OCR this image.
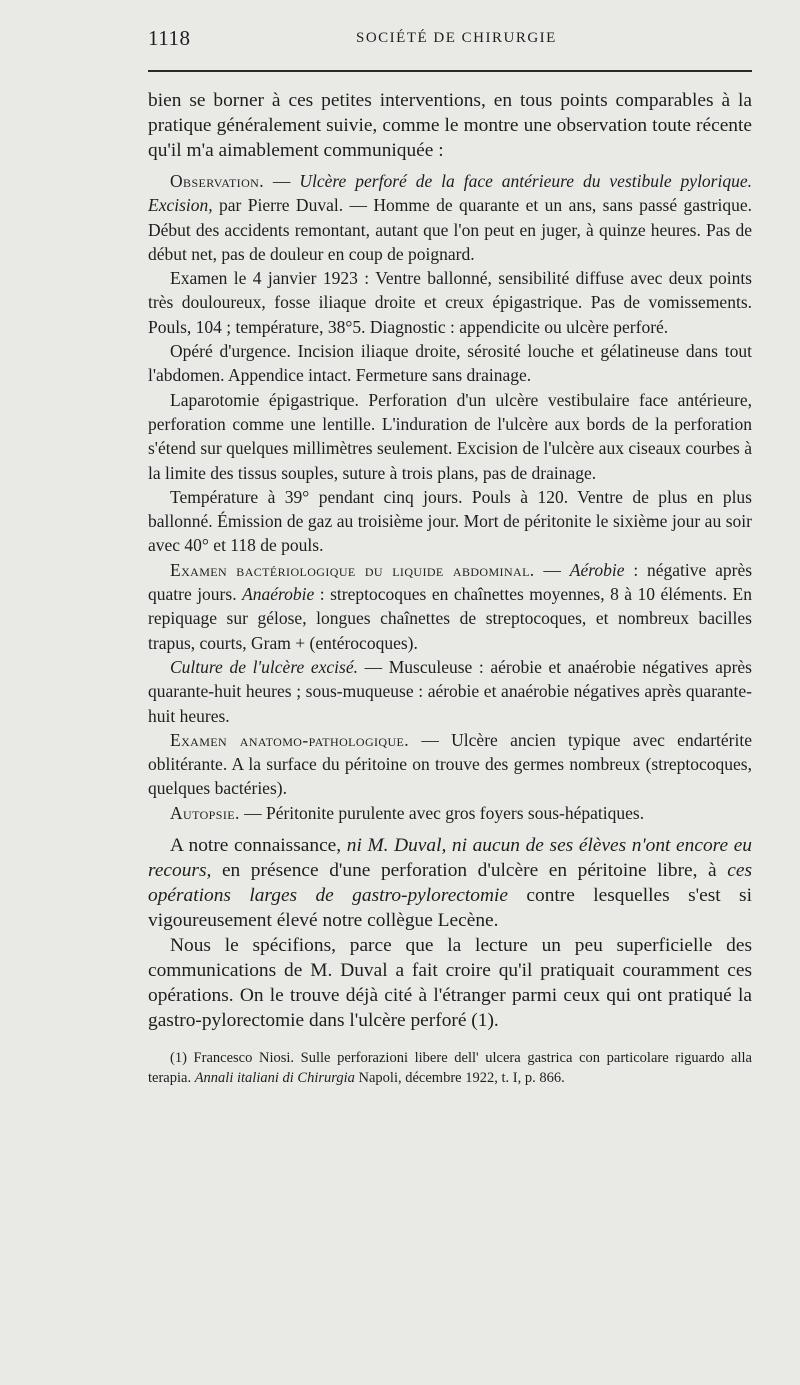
1118	SOCIÉTÉ DE CHIRURGIE

bien se borner à ces petites interventions, en tous points comparables à la pratique généralement suivie, comme le montre une observation toute récente qu'il m'a aimablement communiquée :

Observation. — Ulcère perforé de la face antérieure du vestibule pylorique. Excision, par Pierre Duval. — Homme de quarante et un ans, sans passé gastrique. Début des accidents remontant, autant que l'on peut en juger, à quinze heures. Pas de début net, pas de douleur en coup de poignard.

Examen le 4 janvier 1923 : Ventre ballonné, sensibilité diffuse avec deux points très douloureux, fosse iliaque droite et creux épigastrique. Pas de vomissements. Pouls, 104 ; température, 38°5. Diagnostic : appendicite ou ulcère perforé.

Opéré d'urgence. Incision iliaque droite, sérosité louche et gélatineuse dans tout l'abdomen. Appendice intact. Fermeture sans drainage.

Laparotomie épigastrique. Perforation d'un ulcère vestibulaire face antérieure, perforation comme une lentille. L'induration de l'ulcère aux bords de la perforation s'étend sur quelques millimètres seulement. Excision de l'ulcère aux ciseaux courbes à la limite des tissus souples, suture à trois plans, pas de drainage.

Température à 39° pendant cinq jours. Pouls à 120. Ventre de plus en plus ballonné. Émission de gaz au troisième jour. Mort de péritonite le sixième jour au soir avec 40° et 118 de pouls.

Examen bactériologique du liquide abdominal. — Aérobie : négative après quatre jours. Anaérobie : streptocoques en chaînettes moyennes, 8 à 10 éléments. En repiquage sur gélose, longues chaînettes de streptocoques, et nombreux bacilles trapus, courts, Gram + (entérocoques).

Culture de l'ulcère excisé. — Musculeuse : aérobie et anaérobie négatives après quarante-huit heures ; sous-muqueuse : aérobie et anaérobie négatives après quarante-huit heures.

Examen anatomo-pathologique. — Ulcère ancien typique avec endartérite oblitérante. A la surface du péritoine on trouve des germes nombreux (streptocoques, quelques bactéries).

Autopsie. — Péritonite purulente avec gros foyers sous-hépatiques.

A notre connaissance, ni M. Duval, ni aucun de ses élèves n'ont encore eu recours, en présence d'une perforation d'ulcère en péritoine libre, à ces opérations larges de gastro-pylorectomie contre lesquelles s'est si vigoureusement élevé notre collègue Lecène.

Nous le spécifions, parce que la lecture un peu superficielle des communications de M. Duval a fait croire qu'il pratiquait couramment ces opérations. On le trouve déjà cité à l'étranger parmi ceux qui ont pratiqué la gastro-pylorectomie dans l'ulcère perforé (1).

(1) Francesco Niosi. Sulle perforazioni libere dell' ulcera gastrica con particolare riguardo alla terapia. Annali italiani di Chirurgia Napoli, décembre 1922, t. I, p. 866.
